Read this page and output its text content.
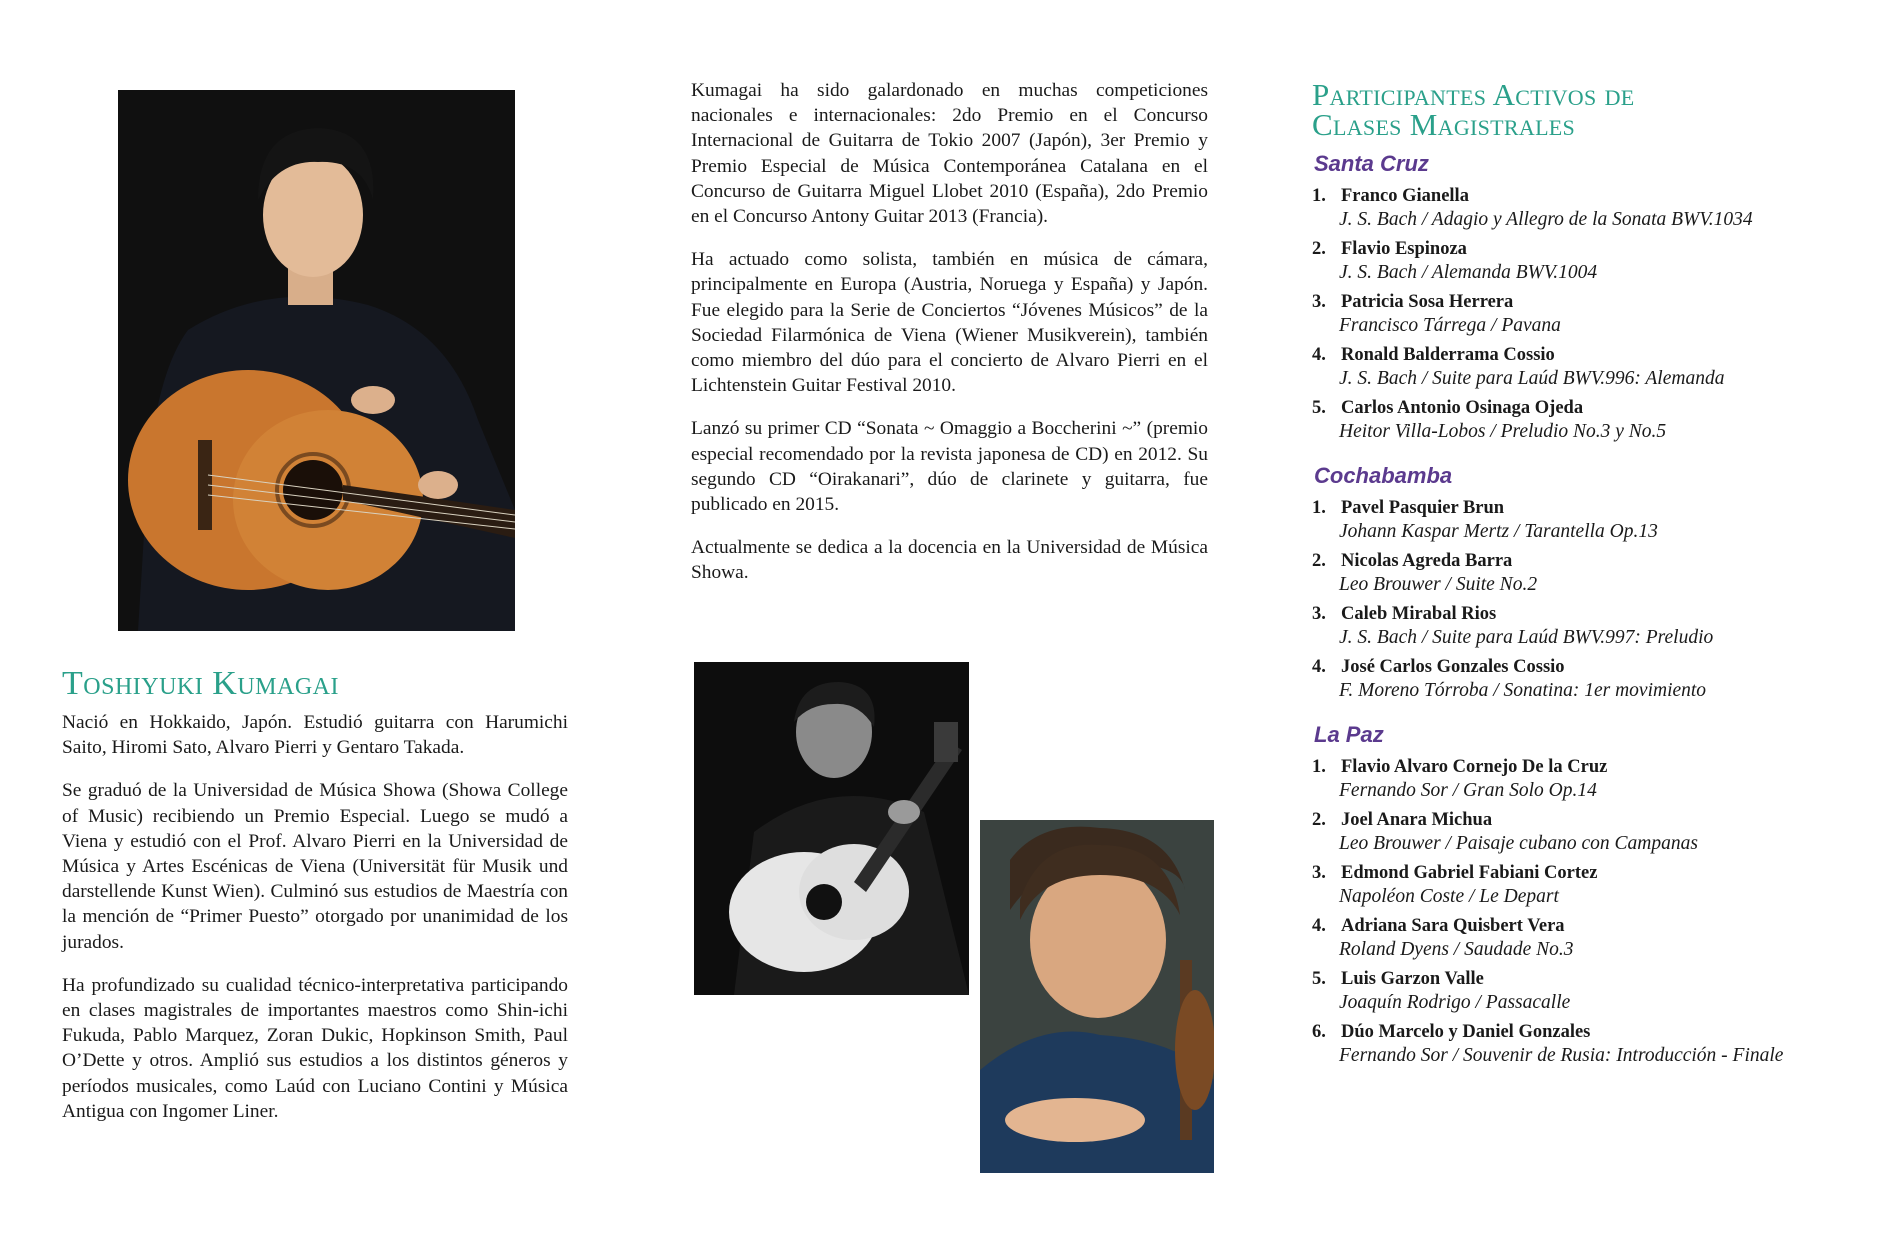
Toshiyuki Kumagai

Nació en Hokkaido, Japón. Estudió guitarra con Harumichi Saito, Hiromi Sato, Alvaro Pierri y Gentaro Takada.

Se graduó de la Universidad de Música Showa (Showa College of Music) recibiendo un Premio Especial. Luego se mudó a Viena y estudió con el Prof. Alvaro Pierri en la Universidad de Música y Artes Escénicas de Viena (Universität für Musik und darstellende Kunst Wien). Culminó sus estudios de Maestría con la mención de “Primer Puesto” otorgado por unanimidad de los jurados.

Ha profundizado su cualidad técnico-interpretativa participando en clases magistrales de importantes maestros como Shin-ichi Fukuda, Pablo Marquez, Zoran Dukic, Hopkinson Smith, Paul O’Dette y otros. Amplió sus estudios a los distintos géneros y períodos musicales, como Laúd con Luciano Contini y Música Antigua con Ingomer Liner.

Kumagai ha sido galardonado en muchas competiciones nacionales e internacionales: 2do Premio en el Concurso Internacional de Guitarra de Tokio 2007 (Japón), 3er Premio y Premio Especial de Música Contemporánea Catalana en el Concurso de Guitarra Miguel Llobet 2010 (España), 2do Premio en el Concurso Antony Guitar 2013 (Francia).

Ha actuado como solista, también en música de cámara, principalmente en Europa (Austria, Noruega y España) y Japón. Fue elegido para la Serie de Conciertos “Jóvenes Músicos” de la Sociedad Filarmónica de Viena (Wiener Musikverein), también como miembro del dúo para el concierto de Alvaro Pierri en el Lichtenstein Guitar Festival 2010.

Lanzó su primer CD “Sonata ~ Omaggio a Boccherini ~” (premio especial recomendado por la revista japonesa de CD) en 2012. Su segundo CD “Oirakanari”, dúo de clarinete y guitarra, fue publicado en 2015.

Actualmente se dedica a la docencia en la Universidad de Música Showa.

Participantes Activos de
Clases Magistrales
Santa Cruz
1. Franco Gianella
J. S. Bach / Adagio y Allegro de la Sonata BWV.1034
2. Flavio Espinoza
J. S. Bach / Alemanda BWV.1004
3. Patricia Sosa Herrera
Francisco Tárrega / Pavana
4. Ronald Balderrama Cossio
J. S. Bach / Suite para Laúd BWV.996: Alemanda
5. Carlos Antonio Osinaga Ojeda
Heitor Villa-Lobos / Preludio No.3 y No.5
Cochabamba
1. Pavel Pasquier Brun
Johann Kaspar Mertz / Tarantella Op.13
2. Nicolas Agreda Barra
Leo Brouwer / Suite No.2
3. Caleb Mirabal Rios
J. S. Bach / Suite para Laúd BWV.997: Preludio
4. José Carlos Gonzales Cossio
F. Moreno Tórroba / Sonatina: 1er movimiento
La Paz
1. Flavio Alvaro Cornejo De la Cruz
Fernando Sor / Gran Solo Op.14
2. Joel Anara Michua
Leo Brouwer / Paisaje cubano con Campanas
3. Edmond Gabriel Fabiani Cortez
Napoléon Coste / Le Depart
4. Adriana Sara Quisbert Vera
Roland Dyens / Saudade No.3
5. Luis Garzon Valle
Joaquín Rodrigo / Passacalle
6. Dúo Marcelo y Daniel Gonzales
Fernando Sor / Souvenir de Rusia: Introducción - Finale
